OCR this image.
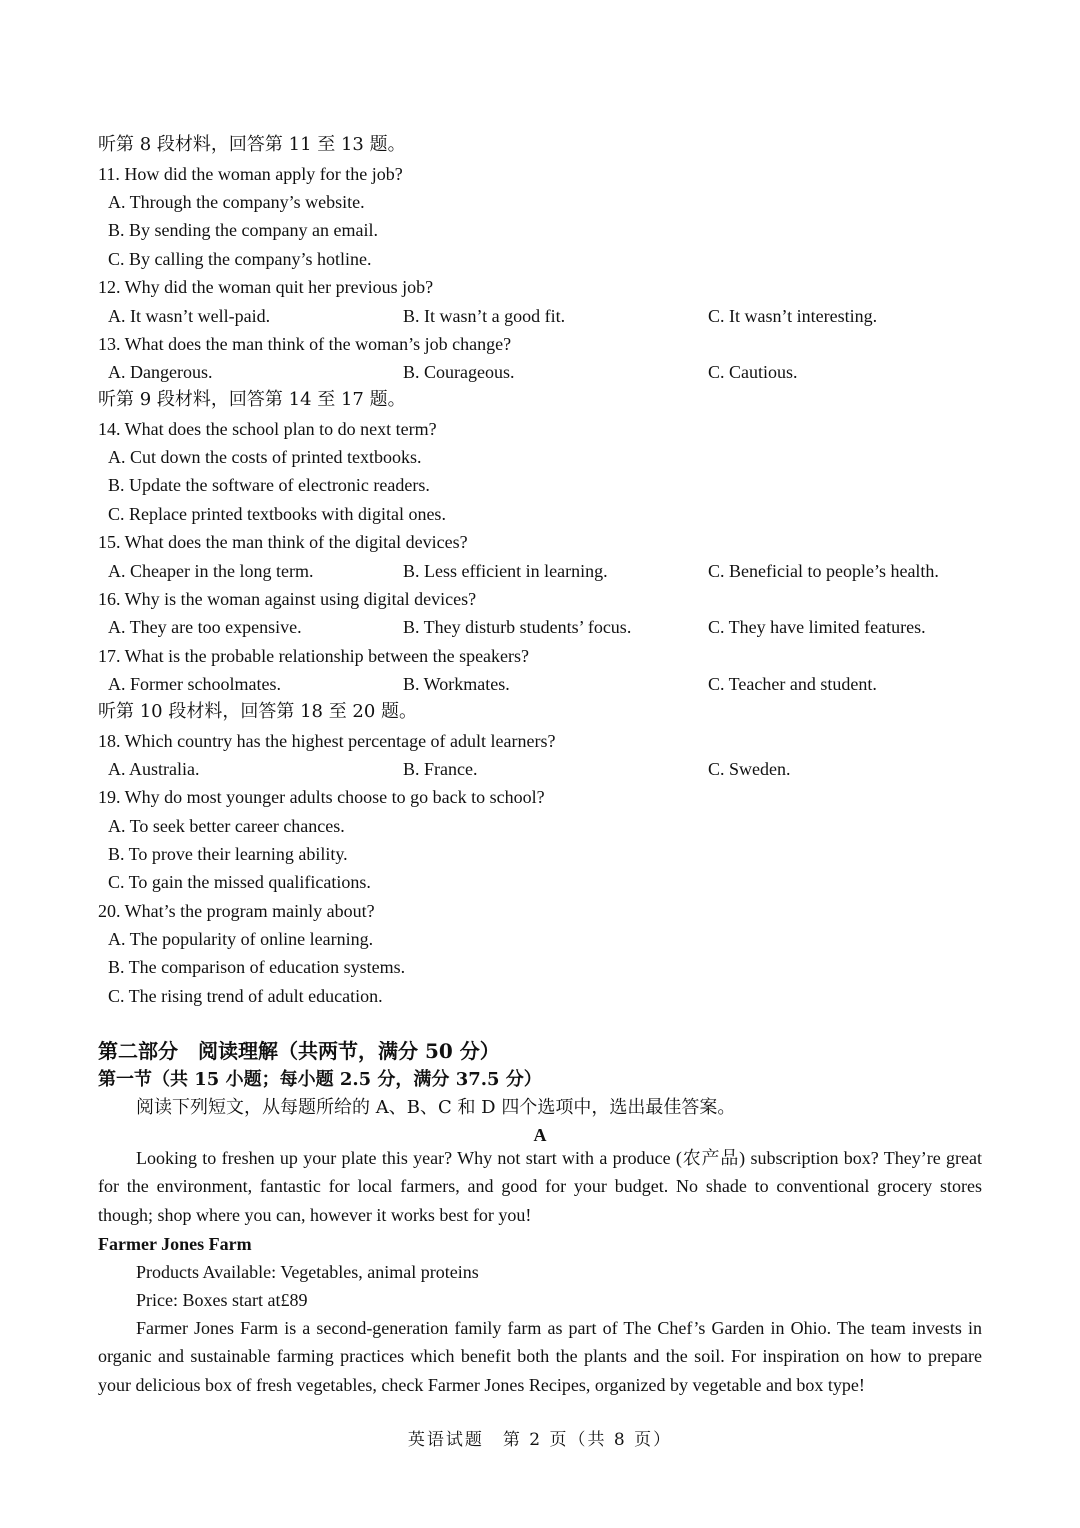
听第 8 段材料，回答第 11 至 13 题。
11. How did the woman apply for the job?
A. Through the company’s website.
B. By sending the company an email.
C. By calling the company’s hotline.
12. Why did the woman quit her previous job?
A. It wasn’t well-paid.	B. It wasn’t a good fit.	C. It wasn’t interesting.
13. What does the man think of the woman’s job change?
A. Dangerous.	B. Courageous.	C. Cautious.
听第 9 段材料，回答第 14 至 17 题。
14. What does the school plan to do next term?
A. Cut down the costs of printed textbooks.
B. Update the software of electronic readers.
C. Replace printed textbooks with digital ones.
15. What does the man think of the digital devices?
A. Cheaper in the long term.	B. Less efficient in learning.	C. Beneficial to people’s health.
16. Why is the woman against using digital devices?
A. They are too expensive.	B. They disturb students’ focus.	C. They have limited features.
17. What is the probable relationship between the speakers?
A. Former schoolmates.	B. Workmates.	C. Teacher and student.
听第 10 段材料，回答第 18 至 20 题。
18. Which country has the highest percentage of adult learners?
A. Australia.	B. France.	C. Sweden.
19. Why do most younger adults choose to go back to school?
A. To seek better career chances.
B. To prove their learning ability.
C. To gain the missed qualifications.
20. What’s the program mainly about?
A. The popularity of online learning.
B. The comparison of education systems.
C. The rising trend of adult education.
第二部分　阅读理解（共两节，满分 50 分）
第一节（共 15 小题；每小题 2.5 分，满分 37.5 分）
阅读下列短文，从每题所给的 A、B、C 和 D 四个选项中，选出最佳答案。
A
Looking to freshen up your plate this year? Why not start with a produce (农产品) subscription box? They’re great for the environment, fantastic for local farmers, and good for your budget. No shade to conventional grocery stores though; shop where you can, however it works best for you!
Farmer Jones Farm
Products Available: Vegetables, animal proteins
Price: Boxes start at£89
Farmer Jones Farm is a second-generation family farm as part of The Chef’s Garden in Ohio. The team invests in organic and sustainable farming practices which benefit both the plants and the soil. For inspiration on how to prepare your delicious box of fresh vegetables, check Farmer Jones Recipes, organized by vegetable and box type!
英语试题　第 2 页（共 8 页）
